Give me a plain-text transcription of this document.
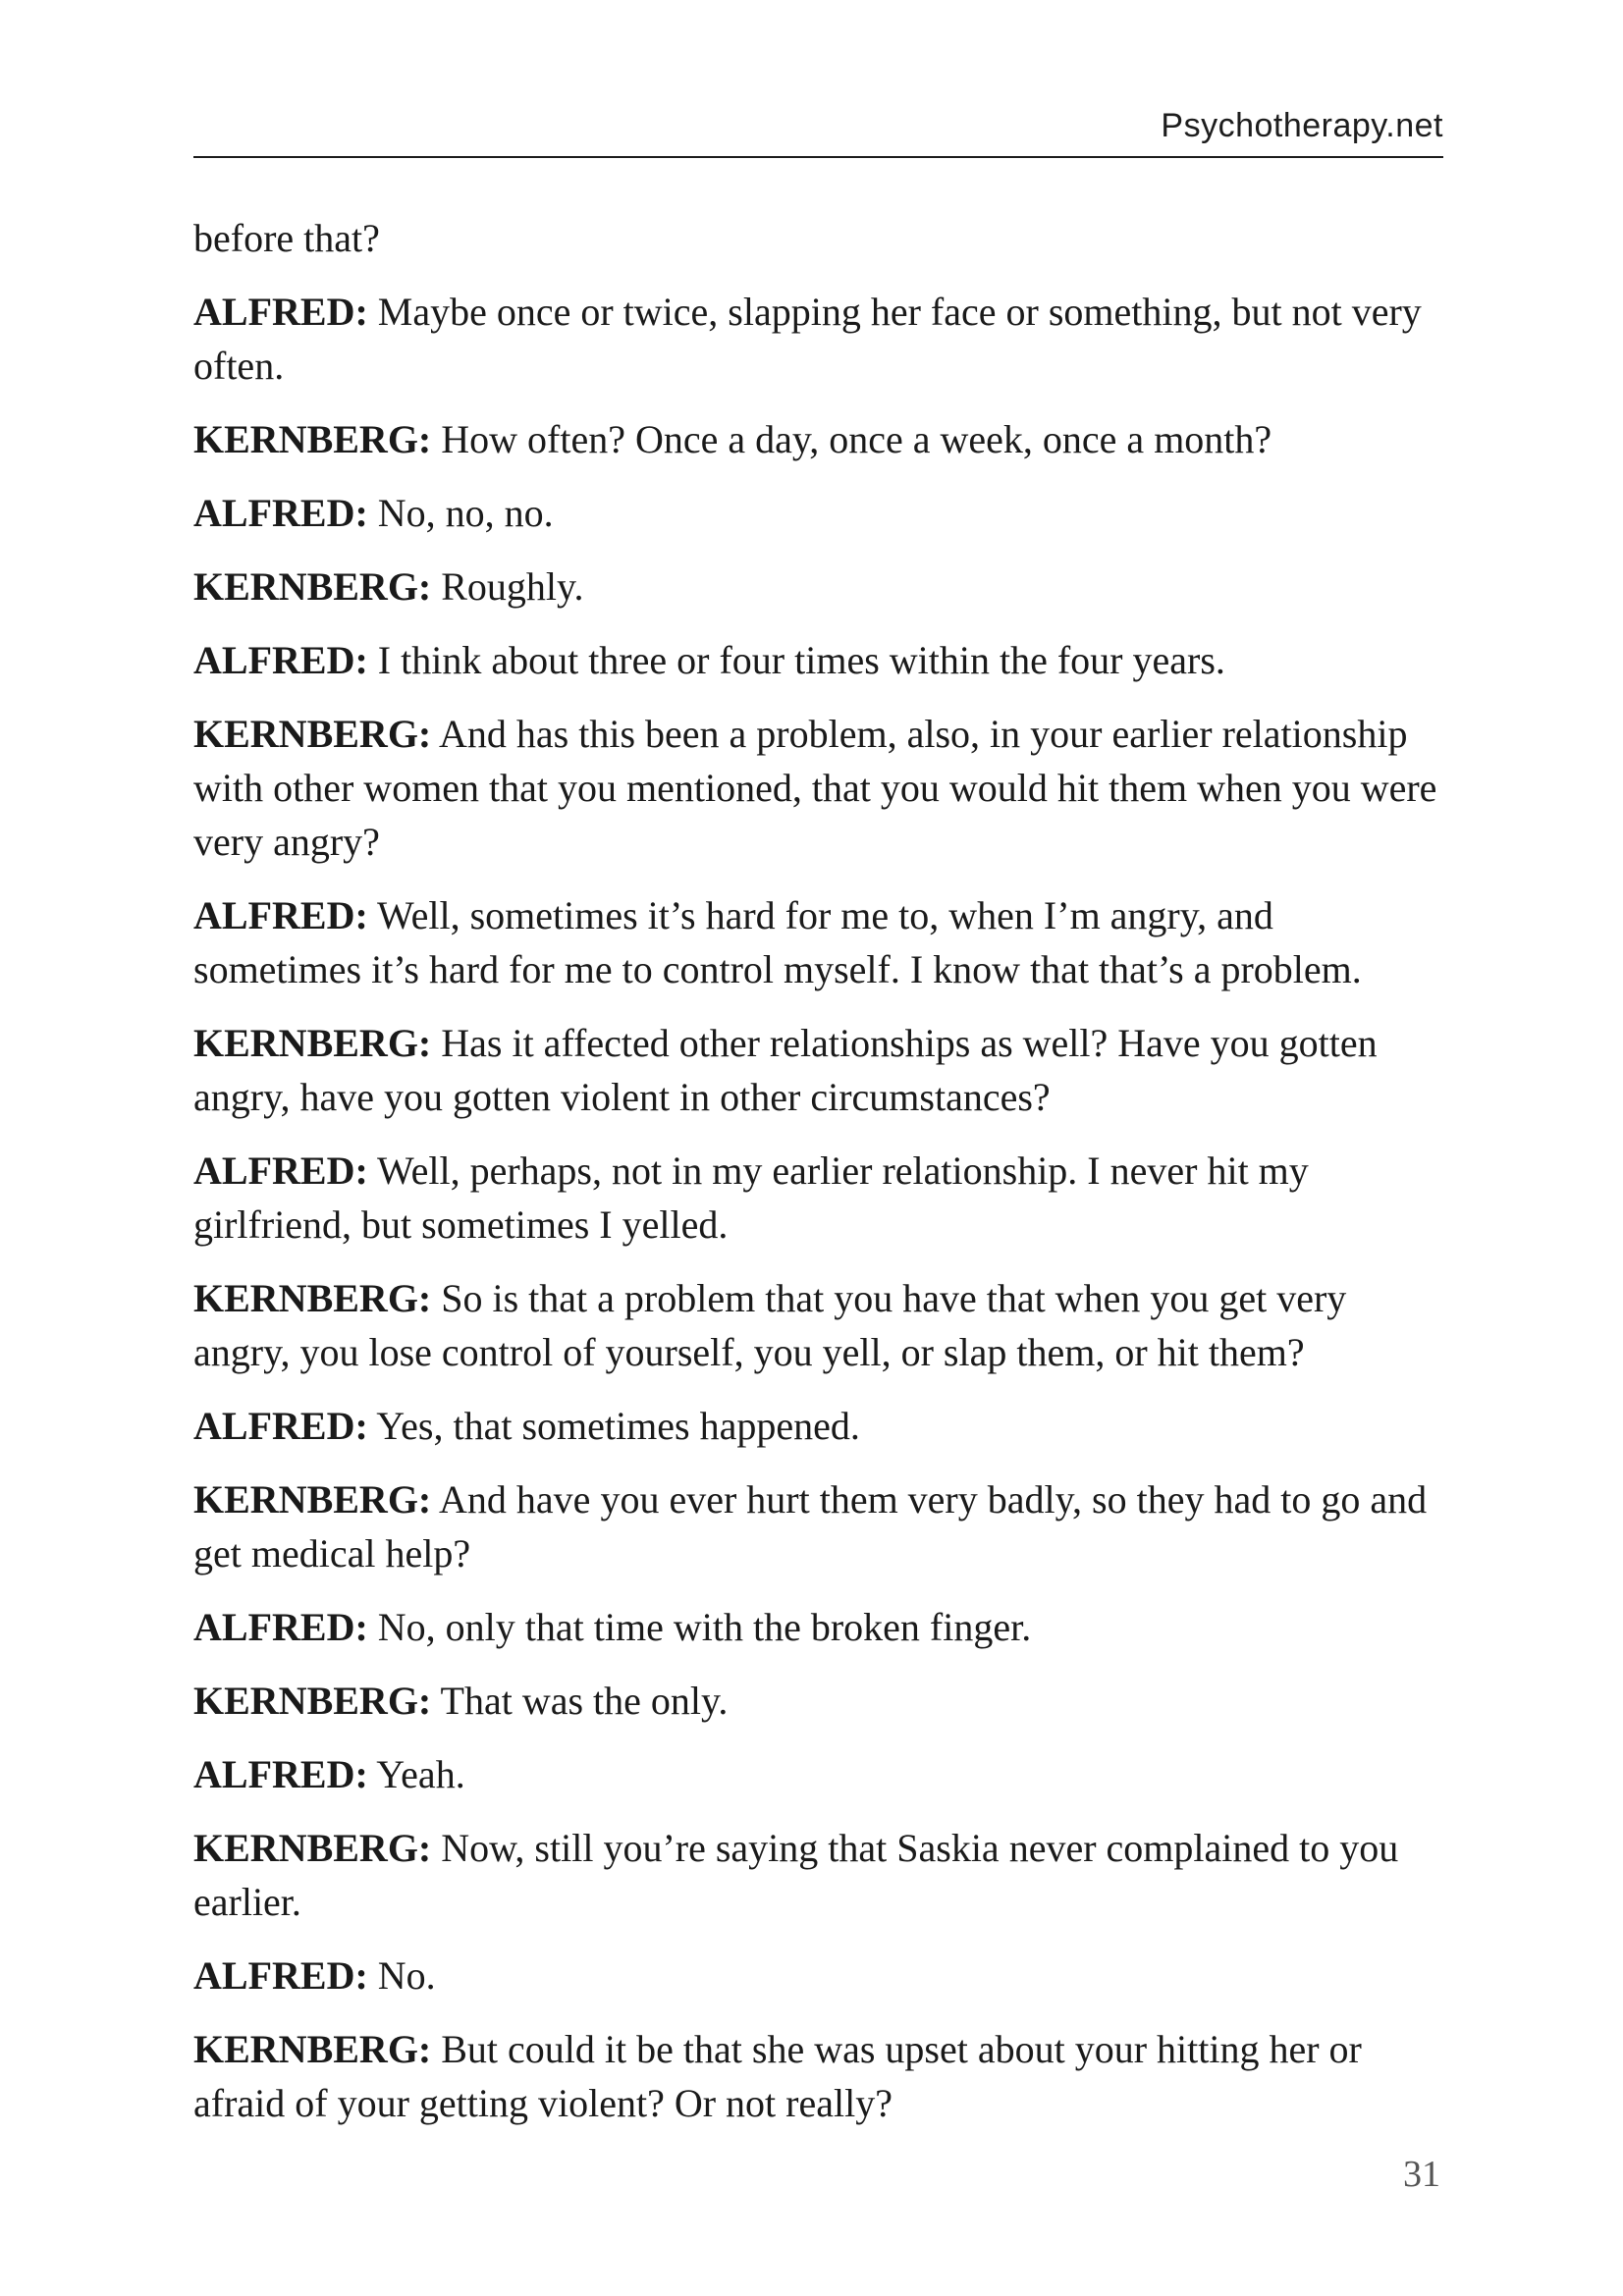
Psychotherapy.net

before that?

ALFRED: Maybe once or twice, slapping her face or something, but not very often.

KERNBERG: How often? Once a day, once a week, once a month?

ALFRED: No, no, no.

KERNBERG: Roughly.

ALFRED: I think about three or four times within the four years.

KERNBERG: And has this been a problem, also, in your earlier relationship with other women that you mentioned, that you would hit them when you were very angry?

ALFRED: Well, sometimes it’s hard for me to, when I’m angry, and sometimes it’s hard for me to control myself. I know that that’s a problem.

KERNBERG: Has it affected other relationships as well? Have you gotten angry, have you gotten violent in other circumstances?

ALFRED: Well, perhaps, not in my earlier relationship. I never hit my girlfriend, but sometimes I yelled.

KERNBERG: So is that a problem that you have that when you get very angry, you lose control of yourself, you yell, or slap them, or hit them?

ALFRED: Yes, that sometimes happened.

KERNBERG: And have you ever hurt them very badly, so they had to go and get medical help?

ALFRED: No, only that time with the broken finger.

KERNBERG: That was the only.

ALFRED: Yeah.

KERNBERG: Now, still you’re saying that Saskia never complained to you earlier.

ALFRED: No.

KERNBERG: But could it be that she was upset about your hitting her or afraid of your getting violent? Or not really?

31
